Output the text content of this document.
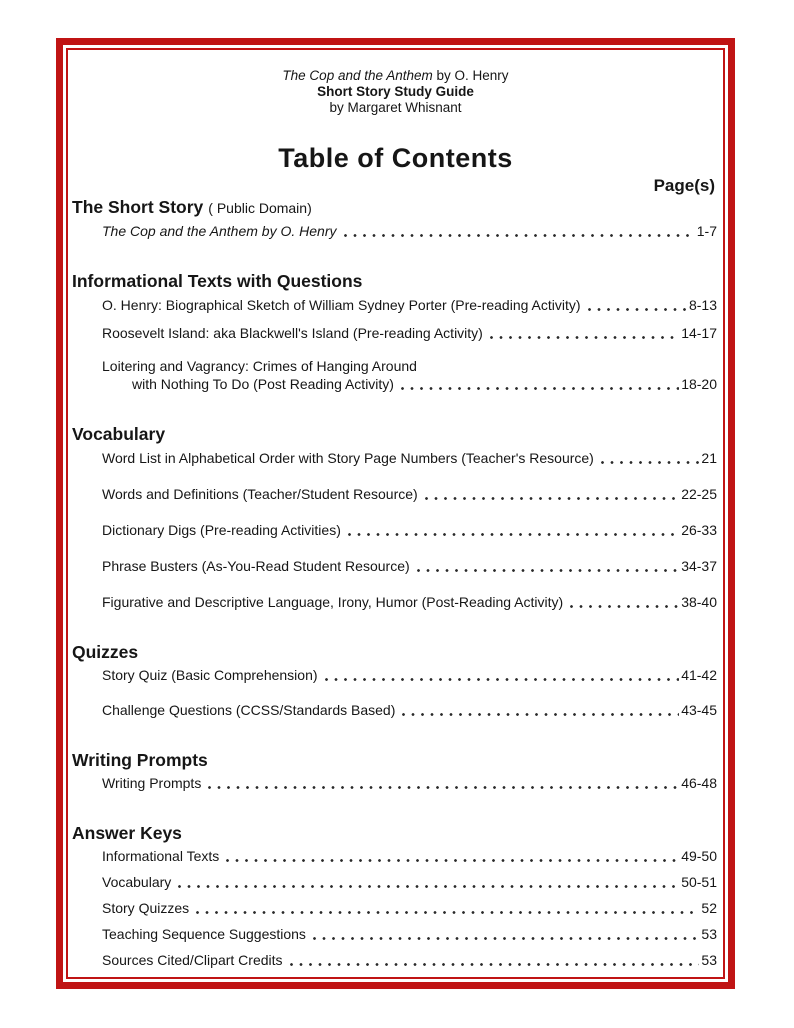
The Cop and the Anthem by O. Henry
Short Story Study Guide
by Margaret Whisnant
Table of Contents
Page(s)
The Short Story ( Public Domain)
The Cop and the Anthem by O. Henry	1-7
Informational Texts with Questions
O. Henry: Biographical Sketch of William Sydney Porter (Pre-reading Activity)	8-13
Roosevelt Island: aka Blackwell's Island (Pre-reading Activity)	14-17
Loitering and Vagrancy: Crimes of Hanging Around
with Nothing To Do (Post Reading Activity)	18-20
Vocabulary
Word List in Alphabetical Order with Story Page Numbers (Teacher's Resource)	21
Words and Definitions (Teacher/Student Resource)	22-25
Dictionary Digs (Pre-reading Activities)	26-33
Phrase Busters (As-You-Read Student Resource)	34-37
Figurative and Descriptive Language, Irony, Humor (Post-Reading Activity)	38-40
Quizzes
Story Quiz (Basic Comprehension)	41-42
Challenge Questions (CCSS/Standards Based)	43-45
Writing Prompts
Writing Prompts	46-48
Answer Keys
Informational Texts	49-50
Vocabulary	50-51
Story Quizzes	52
Teaching Sequence Suggestions	53
Sources Cited/Clipart Credits	53
